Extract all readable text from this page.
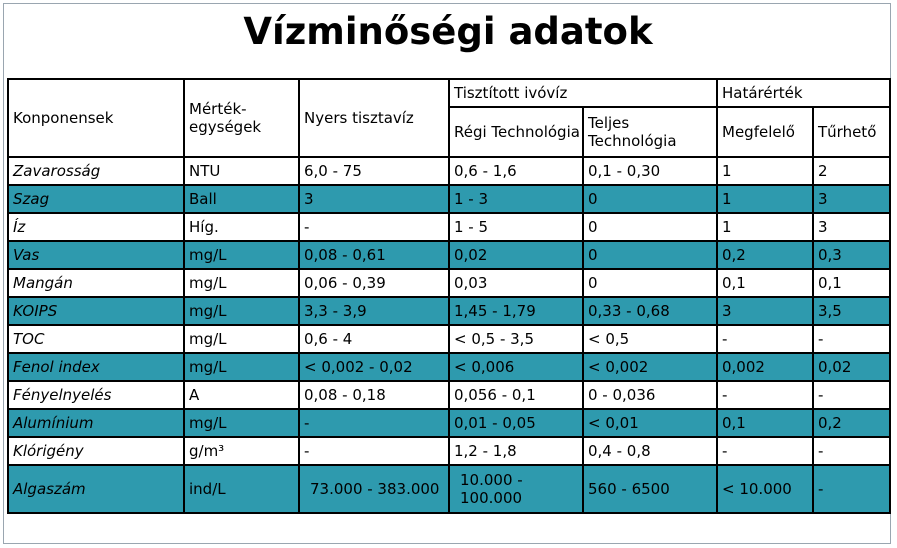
Vízminőségi adatok
Konponensek	Mérték-egységek	Nyers tisztavíz	Tisztított ivóvíz		Határérték	
			Régi Technológia	Teljes Technológia	Megfelelő	Tűrhető
Zavarosság	NTU	6,0 - 75	0,6 - 1,6	0,1 - 0,30	1	2
Szag	Ball	3	1 - 3	0	1	3
Íz	Híg.	-	1 - 5	0	1	3
Vas	mg/L	0,08 - 0,61	0,02	0	0,2	0,3
Mangán	mg/L	0,06 - 0,39	0,03	0	0,1	0,1
KOIPS	mg/L	3,3 - 3,9	1,45 - 1,79	0,33 - 0,68	3	3,5
TOC	mg/L	0,6 - 4	< 0,5 - 3,5	< 0,5	-	-
Fenol index	mg/L	< 0,002 - 0,02	< 0,006	< 0,002	0,002	0,02
Fényelnyelés	A	0,08 - 0,18	0,056 - 0,1	0 - 0,036	-	-
Alumínium	mg/L	-	0,01 - 0,05	< 0,01	0,1	0,2
Klórigény	g/m³	-	1,2 - 1,8	0,4 - 0,8	-	-
Algaszám	ind/L	73.000 - 383.000	10.000 - 100.000	560 - 6500	< 10.000	-
